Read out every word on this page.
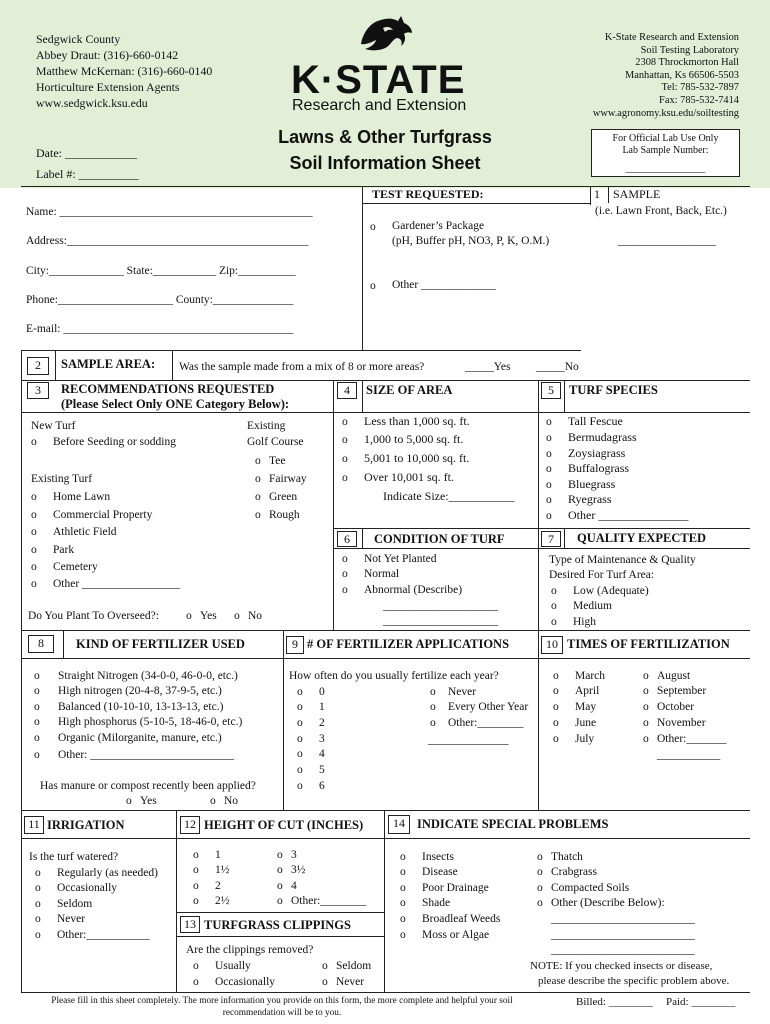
Sedgwick County
Abbey Draut: (316)-660-0142
Matthew McKernan: (316)-660-0140
Horticulture Extension Agents
www.sedgwick.ksu.edu
K-State Research and Extension
Soil Testing Laboratory
2308 Throckmorton Hall
Manhattan, Ks 66506-5503
Tel: 785-532-7897
Fax: 785-532-7414
www.agronomy.ksu.edu/soiltesting
K·STATE
Research and Extension
Lawns & Other Turfgrass
Soil Information Sheet
Date: ____________
Label #: __________
For Official Lab Use Only
Lab Sample Number:
________________
Name: ____________________________________________
Address:__________________________________________
City:_____________ State:___________ Zip:__________
Phone:____________________ County:______________
E-mail: ________________________________________
TEST REQUESTED:
o	Gardener’s Package
(pH, Buffer pH, NO3, P, K, O.M.)
o	Other _____________
1 SAMPLE
(i.e. Lawn Front, Back, Etc.)
_________________
2	SAMPLE AREA: Was the sample made from a mix of 8 or more areas?	_____Yes _____No
3	RECOMMENDATIONS REQUESTED
(Please Select Only ONE Category Below):
New Turf
o Before Seeding or sodding
Existing Turf
o Home Lawn
o Commercial Property
o Athletic Field
o Park
o Cemetery
o Other _________________
Existing
Golf Course
o Tee
o Fairway
o Green
o Rough
Do You Plant To Overseed?: o Yes o No
4	SIZE OF AREA
o Less than 1,000 sq. ft.
o 1,000 to 5,000 sq. ft.
o 5,001 to 10,000 sq. ft.
o Over 10,001 sq. ft.
Indicate Size:___________
5	TURF SPECIES
o Tall Fescue
o Bermudagrass
o Zoysiagrass
o Buffalograss
o Bluegrass
o Ryegrass
o Other _______________
6	CONDITION OF TURF
o Not Yet Planted
o Normal
o Abnormal (Describe)
____________________
____________________
7	QUALITY EXPECTED
Type of Maintenance & Quality
Desired For Turf Area:
o Low (Adequate)
o Medium
o High
8	KIND OF FERTILIZER USED
o Straight Nitrogen (34-0-0, 46-0-0, etc.)
o High nitrogen (20-4-8, 37-9-5, etc.)
o Balanced (10-10-10, 13-13-13, etc.)
o High phosphorus (5-10-5, 18-46-0, etc.)
o Organic (Milorganite, manure, etc.)
o Other: _________________________
Has manure or compost recently been applied?
o Yes	o No
9 # OF FERTILIZER APPLICATIONS
How often do you usually fertilize each year?
o 0
o 1
o 2
o 3
o 4
o 5
o 6
o Never
o Every Other Year
o Other:________
______________
10 TIMES OF FERTILIZATION
o March
o April
o May
o June
o July
o August
o September
o October
o November
o Other:_______
___________
11 IRRIGATION
Is the turf watered?
o Regularly (as needed)
o Occasionally
o Seldom
o Never
o Other:___________
12 HEIGHT OF CUT (INCHES)
o 1
o 1½
o 2
o 2½
o 3
o 3½
o 4
o Other:________
13 TURFGRASS CLIPPINGS
Are the clippings removed?
o Usually
o Occasionally
o Seldom
o Never
14 INDICATE SPECIAL PROBLEMS
o Insects
o Disease
o Poor Drainage
o Shade
o Broadleaf Weeds
o Moss or Algae
o Thatch
o Crabgrass
o Compacted Soils
o Other (Describe Below):
_________________________
_________________________
_________________________
NOTE: If you checked insects or disease,
please describe the specific problem above.
Please fill in this sheet completely. The more information you provide on this form, the more complete and helpful your soil
recommendation will be to you.
Billed: ________ Paid: ________
